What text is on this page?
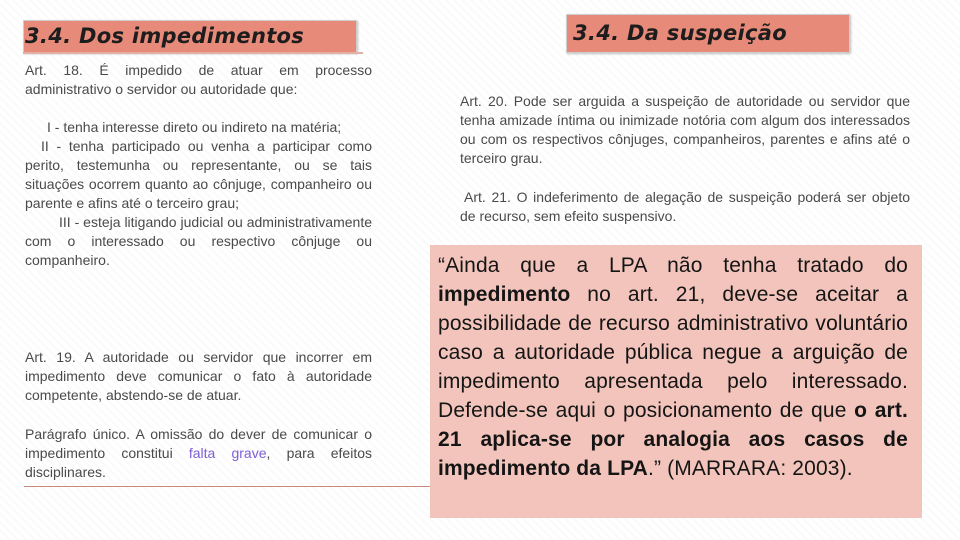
3.4. Dos impedimentos	3.4. Da suspeição

Art. 18. É impedido de atuar em processo administrativo o servidor ou autoridade que:

I - tenha interesse direto ou indireto na matéria;

II - tenha participado ou venha a participar como perito, testemunha ou representante, ou se tais situações ocorrem quanto ao cônjuge, companheiro ou parente e afins até o terceiro grau;

III - esteja litigando judicial ou administrativamente com o interessado ou respectivo cônjuge ou companheiro.

Art. 19. A autoridade ou servidor que incorrer em impedimento deve comunicar o fato à autoridade competente, abstendo-se de atuar.

Parágrafo único. A omissão do dever de comunicar o impedimento constitui falta grave, para efeitos disciplinares.

Art. 20. Pode ser arguida a suspeição de autoridade ou servidor que tenha amizade íntima ou inimizade notória com algum dos interessados ou com os respectivos cônjuges, companheiros, parentes e afins até o terceiro grau.

Art. 21. O indeferimento de alegação de suspeição poderá ser objeto de recurso, sem efeito suspensivo.

“Ainda que a LPA não tenha tratado do impedimento no art. 21, deve-se aceitar a possibilidade de recurso administrativo voluntário caso a autoridade pública negue a arguição de impedimento apresentada pelo interessado. Defende-se aqui o posicionamento de que o art. 21 aplica-se por analogia aos casos de impedimento da LPA.” (MARRARA: 2003).
